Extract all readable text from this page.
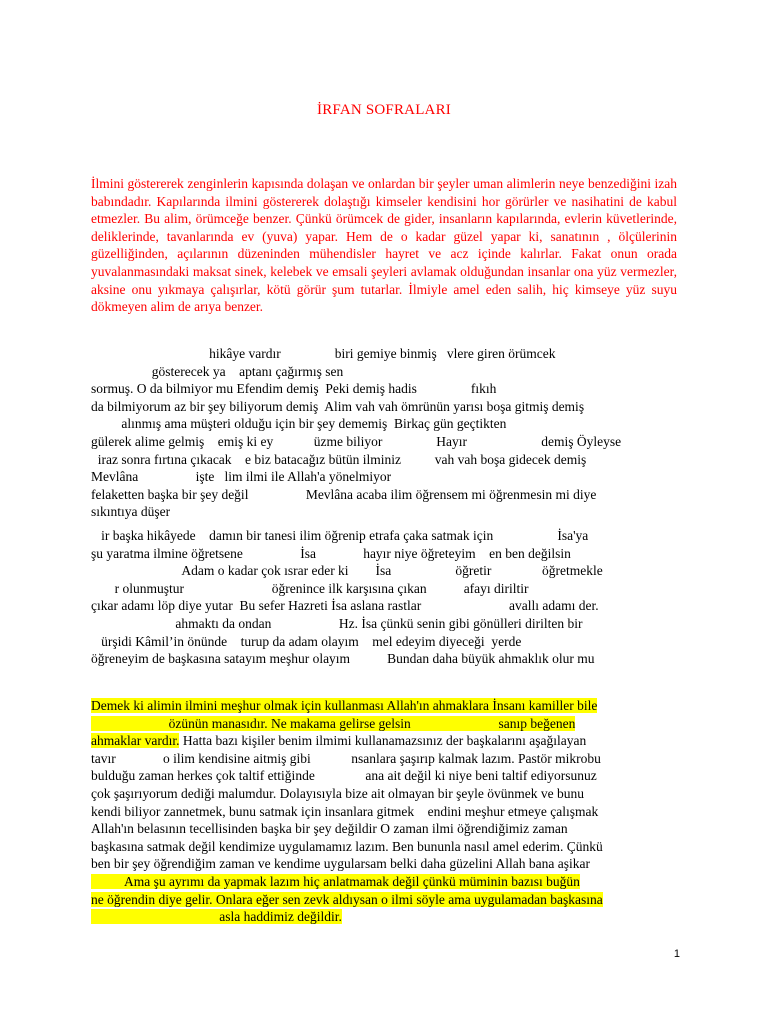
İRFAN SOFRALARI
İlmini göstererek zenginlerin kapısında dolaşan ve onlardan bir şeyler uman alimlerin neye benzediğini izah babındadır. Kapılarında ilmini göstererek dolaştığı kimseler kendisini hor görürler ve nasihatini de kabul etmezler. Bu alim, örümceğe benzer. Çünkü örümcek de gider, insanların kapılarında, evlerin küvetlerinde, deliklerinde, tavanlarında ev (yuva) yapar. Hem de o kadar güzel yapar ki, sanatının , ölçülerinin güzelliğinden, açılarının düzeninden mühendisler hayret ve acz içinde kalırlar. Fakat onun orada yuvalanmasındaki maksat sinek, kelebek ve emsali şeyleri avlamak olduğundan insanlar ona yüz vermezler, aksine onu yıkmaya çalışırlar, kötü görür şum tutarlar. İlmiyle amel eden salih, hiç kimseye yüz suyu dökmeyen alim de arıya benzer.
hikâye vardır                biri gemiye binmiş   vlere giren örümcek
gösterecek ya    aptanı çağırmış sen
sormuş. O da bilmiyor mu Efendim demiş  Peki demiş hadis                fıkıh
da bilmiyorum az bir şey biliyorum demiş  Alim vah vah ömrünün yarısı boşa gitmiş demiş
alınmış ama müşteri olduğu için bir şey dememiş  Birkaç gün geçtikten
gülerek alime gelmiş    emiş ki ey            üzme biliyor                Hayır                      demiş Öyleyse
iraz sonra fırtına çıkacak    e biz batacağız bütün ilminiz          vah vah boşa gidecek demiş
Mevlâna                 işte   lim ilmi ile Allah'a yönelmiyor
felaketten başka bir şey değil                 Mevlâna acaba ilim öğrensem mi öğrenmesin mi diye
sıkıntıya düşer
ir başka hikâyede    damın bir tanesi ilim öğrenip etrafa çaka satmak için                   İsa'ya
şu yaratma ilmine öğretsene                 İsa              hayır niye öğreteyim    en ben değilsin
Adam o kadar çok ısrar eder ki        İsa                   öğretir               öğretmekle
r olunmuştur                          öğrenince ilk karşısına çıkan           afayı diriltir
çıkar adamı löp diye yutar  Bu sefer Hazreti İsa aslana rastlar                          avallı adamı der.
ahmaktı da ondan                    Hz. İsa çünkü senin gibi gönülleri dirilten bir
ürşidi Kâmil’in önünde    turup da adam olayım    mel edeyim diyeceği  yerde
öğreneyim de başkasına satayım meşhur olayım           Bundan daha büyük ahmaklık olur mu
Demek ki alimin ilmini meşhur olmak için kullanması Allah'ın ahmaklara İnsanı kamiller bile
özünün manasıdır. Ne makama gelirse gelsin                          sanıp beğenen
ahmaklar vardır. Hatta bazı kişiler benim ilmimi kullanamazsınız der başkalarını aşağılayan
tavır              o ilim kendisine aitmiş gibi            nsanlara şaşırıp kalmak lazım. Pastör mikrobu
bulduğu zaman herkes çok taltif ettiğinde               ana ait değil ki niye beni taltif ediyorsunuz
çok şaşırıyorum dediği malumdur. Dolayısıyla bize ait olmayan bir şeyle övünmek ve bunu
kendi biliyor zannetmek, bunu satmak için insanlara gitmek    endini meşhur etmeye çalışmak
Allah'ın belasının tecellisinden başka bir şey değildir O zaman ilmi öğrendiğimiz zaman
başkasına satmak değil kendimize uygulamamız lazım. Ben bununla nasıl amel ederim. Çünkü
ben bir şey öğrendiğim zaman ve kendime uygularsam belki daha güzelini Allah bana aşikar
Ama şu ayrımı da yapmak lazım hiç anlatmamak değil çünkü müminin bazısı buğün
ne öğrendin diye gelir. Onlara eğer sen zevk aldıysan o ilmi söyle ama uygulamadan başkasına
asla haddimiz değildir.
1
